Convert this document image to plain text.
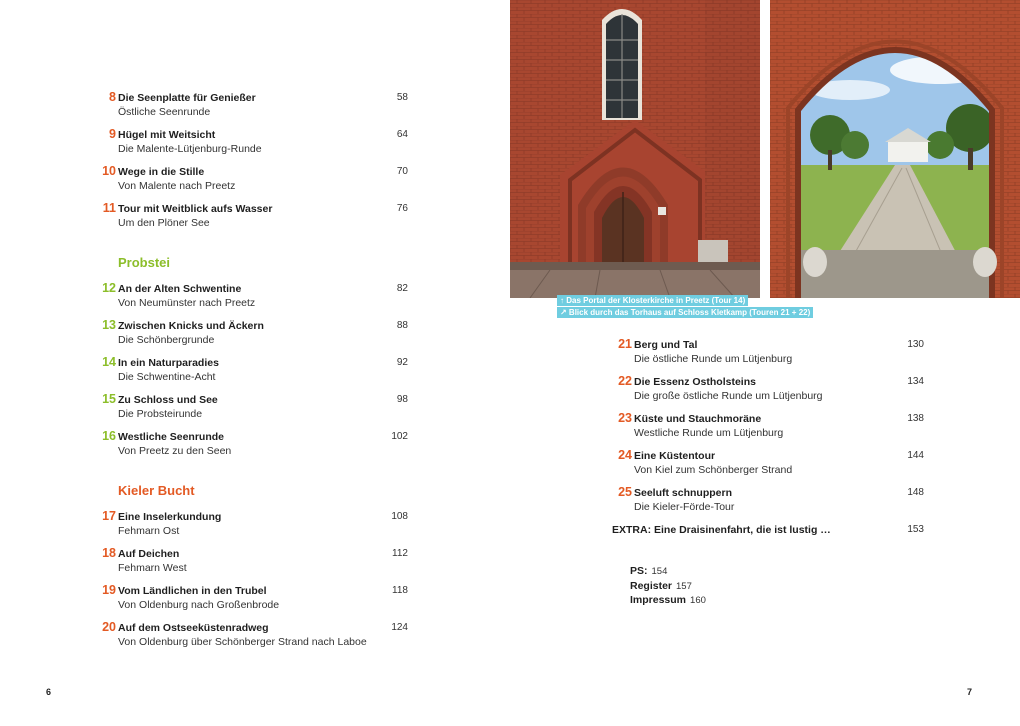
8 Die Seenplatte für Genießer
Östliche Seenrunde
58
9 Hügel mit Weitsicht
Die Malente-Lütjenburg-Runde
64
10 Wege in die Stille
Von Malente nach Preetz
70
11 Tour mit Weitblick aufs Wasser
Um den Plöner See
76
Probstei
12 An der Alten Schwentine
Von Neumünster nach Preetz
82
13 Zwischen Knicks und Äckern
Die Schönbergrunde
88
14 In ein Naturparadies
Die Schwentine-Acht
92
15 Zu Schloss und See
Die Probsteirunde
98
16 Westliche Seenrunde
Von Preetz zu den Seen
102
Kieler Bucht
17 Eine Inselerkundung
Fehmarn Ost
108
18 Auf Deichen
Fehmarn West
112
19 Vom Ländlichen in den Trubel
Von Oldenburg nach Großenbrode
118
20 Auf dem Ostseeküstenradweg
Von Oldenburg über Schönberger Strand nach Laboe
124
6
↑ Das Portal der Klosterkirche in Preetz (Tour 14)
↗ Blick durch das Torhaus auf Schloss Kletkamp (Touren 21 + 22)
21 Berg und Tal
Die östliche Runde um Lütjenburg
130
22 Die Essenz Ostholsteins
Die große östliche Runde um Lütjenburg
134
23 Küste und Stauchmoräne
Westliche Runde um Lütjenburg
138
24 Eine Küstentour
Von Kiel zum Schönberger Strand
144
25 Seeluft schnuppern
Die Kieler-Förde-Tour
148
EXTRA: Eine Draisinenfahrt, die ist lustig …	153
PS: 154
Register 157
Impressum 160
7
